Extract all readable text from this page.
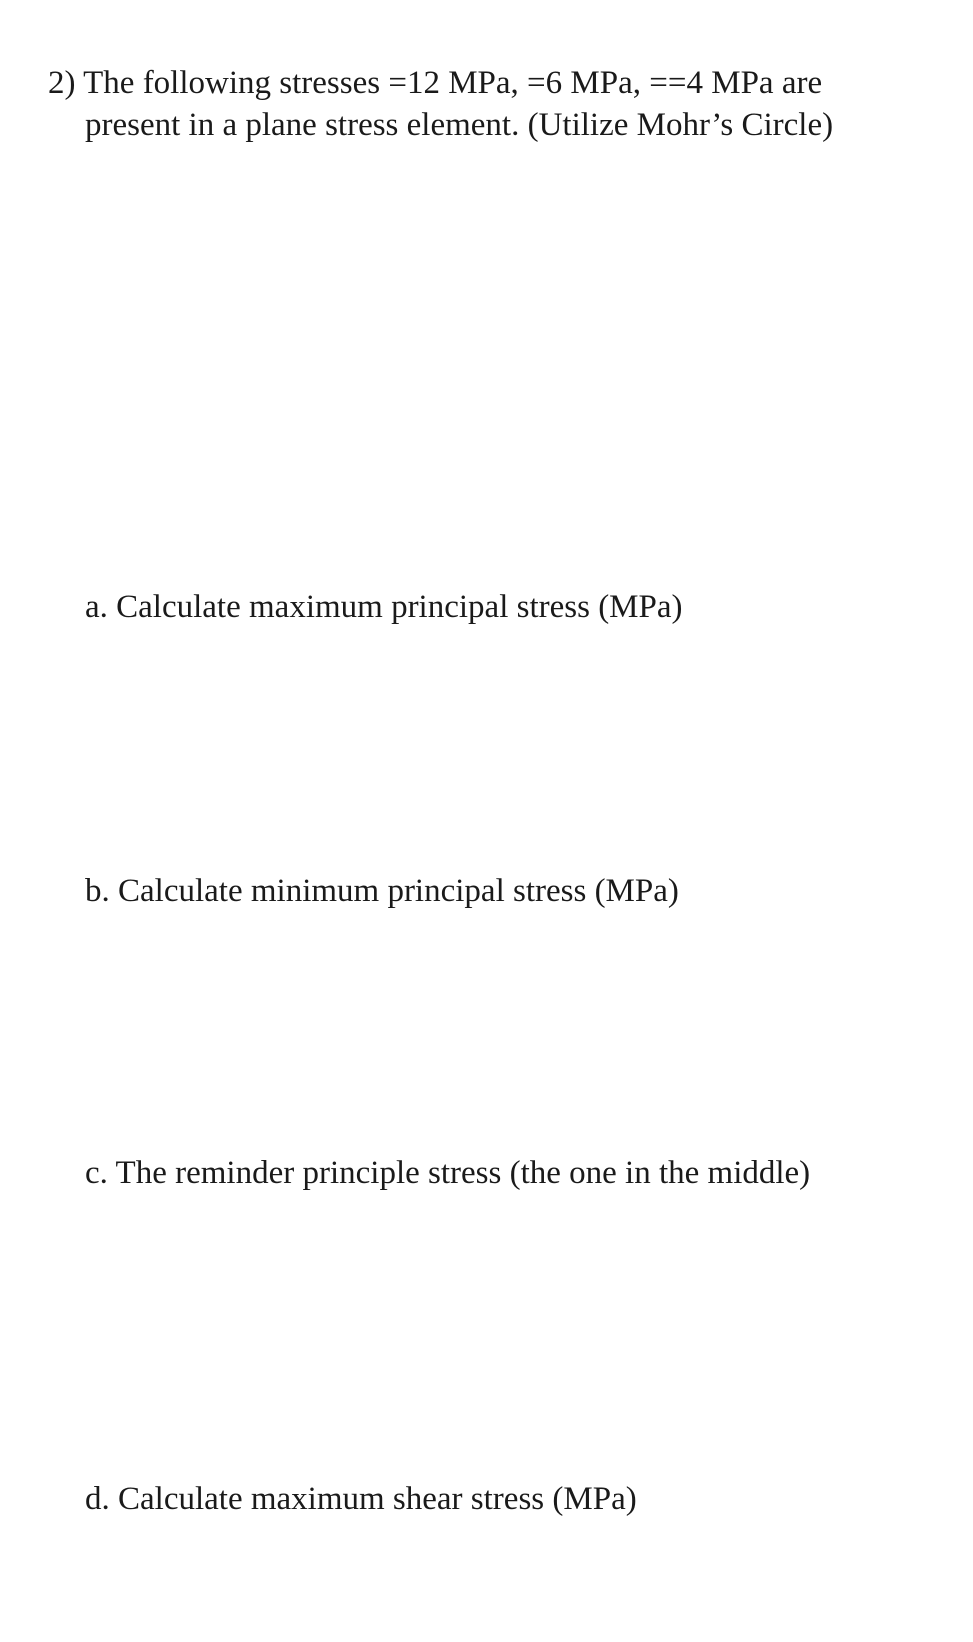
2) The following stresses =12 MPa, =6 MPa, ==4 MPa are
present in a plane stress element. (Utilize Mohr’s Circle)
a. Calculate maximum principal stress (MPa)
b. Calculate minimum principal stress (MPa)
c. The reminder principle stress (the one in the middle)
d. Calculate maximum shear stress (MPa)
